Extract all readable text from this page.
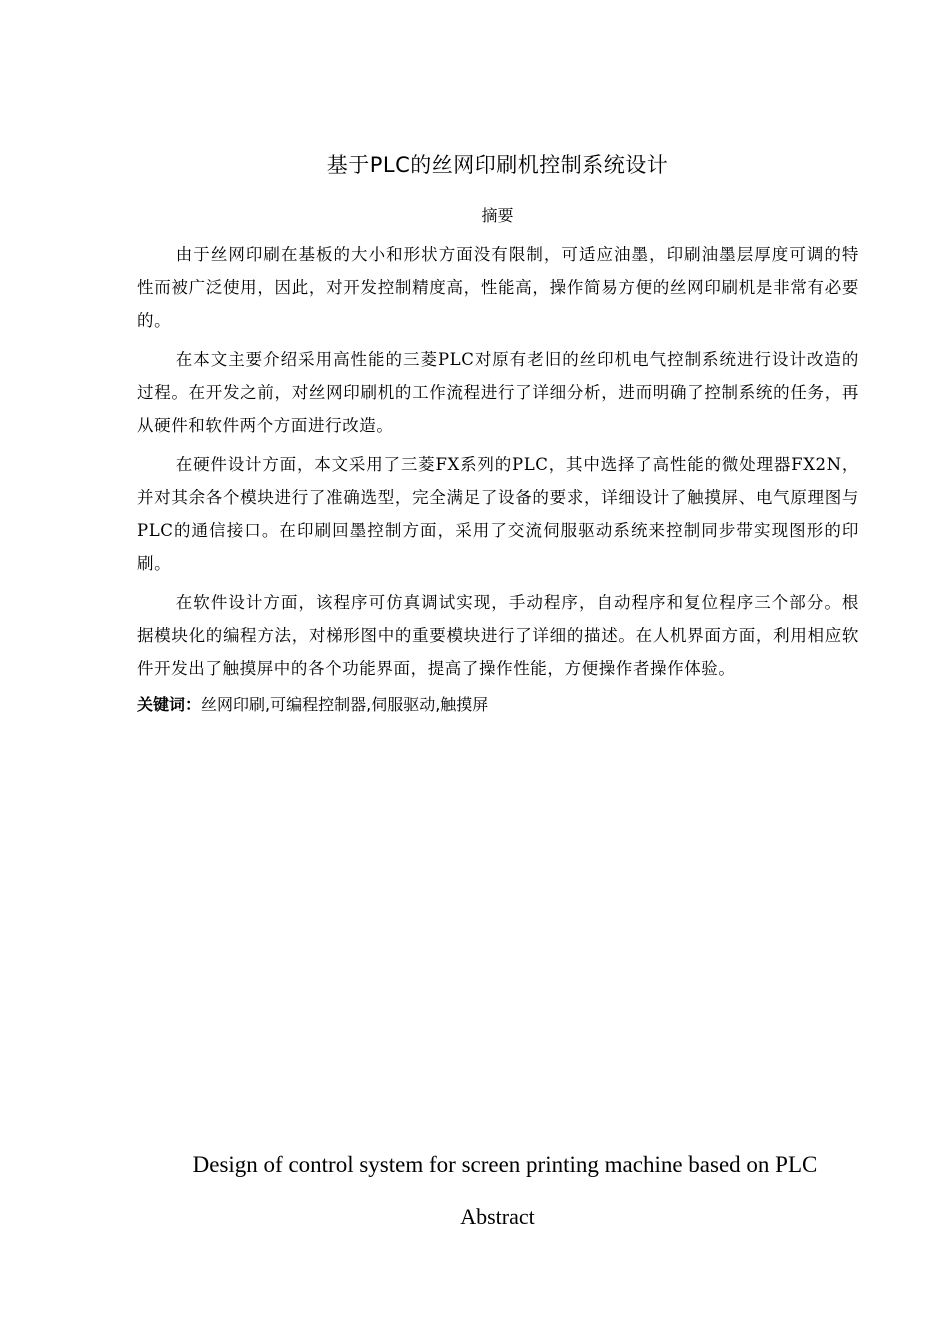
基于PLC的丝网印刷机控制系统设计
摘要

由于丝网印刷在基板的大小和形状方面没有限制，可适应油墨，印刷油墨层厚度可调的特性而被广泛使用，因此，对开发控制精度高，性能高，操作简易方便的丝网印刷机是非常有必要的。

在本文主要介绍采用高性能的三菱PLC对原有老旧的丝印机电气控制系统进行设计改造的过程。在开发之前，对丝网印刷机的工作流程进行了详细分析，进而明确了控制系统的任务，再从硬件和软件两个方面进行改造。

在硬件设计方面，本文采用了三菱FX系列的PLC，其中选择了高性能的微处理器FX2N，并对其余各个模块进行了准确选型，完全满足了设备的要求，详细设计了触摸屏、电气原理图与PLC的通信接口。在印刷回墨控制方面，采用了交流伺服驱动系统来控制同步带实现图形的印刷。

在软件设计方面，该程序可仿真调试实现，手动程序，自动程序和复位程序三个部分。根据模块化的编程方法，对梯形图中的重要模块进行了详细的描述。在人机界面方面，利用相应软件开发出了触摸屏中的各个功能界面，提高了操作性能，方便操作者操作体验。

关键词：丝网印刷,可编程控制器,伺服驱动,触摸屏
Design of control system for screen printing machine based on PLC
Abstract
